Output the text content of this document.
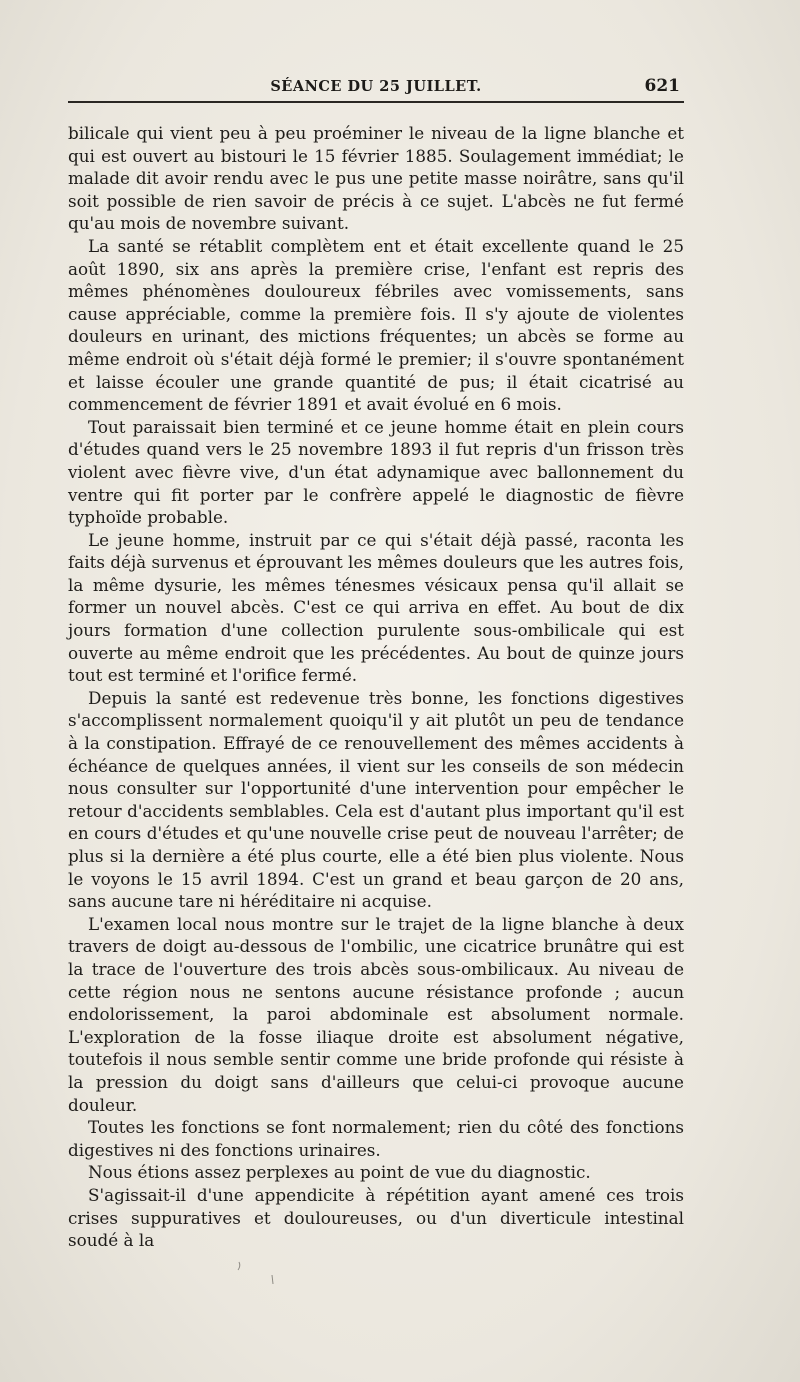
SÉANCE DU 25 JUILLET.	621

bilicale qui vient peu à peu proéminer le niveau de la ligne blanche et qui est ouvert au bistouri le 15 février 1885. Soulagement immédiat; le malade dit avoir rendu avec le pus une petite masse noirâtre, sans qu'il soit possible de rien savoir de précis à ce sujet. L'abcès ne fut fermé qu'au mois de novembre suivant.

La santé se rétablit complètem ent et était excellente quand le 25 août 1890, six ans après la première crise, l'enfant est repris des mêmes phénomènes douloureux fébriles avec vomissements, sans cause appréciable, comme la première fois. Il s'y ajoute de violentes douleurs en urinant, des mictions fréquentes; un abcès se forme au même endroit où s'était déjà formé le premier; il s'ouvre spontanément et laisse écouler une grande quantité de pus; il était cicatrisé au commencement de février 1891 et avait évolué en 6 mois.

Tout paraissait bien terminé et ce jeune homme était en plein cours d'études quand vers le 25 novembre 1893 il fut repris d'un frisson très violent avec fièvre vive, d'un état adynamique avec ballonnement du ventre qui fit porter par le confrère appelé le diagnostic de fièvre typhoïde probable.

Le jeune homme, instruit par ce qui s'était déjà passé, raconta les faits déjà survenus et éprouvant les mêmes douleurs que les autres fois, la même dysurie, les mêmes ténesmes vésicaux pensa qu'il allait se former un nouvel abcès. C'est ce qui arriva en effet. Au bout de dix jours formation d'une collection purulente sous-ombilicale qui est ouverte au même endroit que les précédentes. Au bout de quinze jours tout est terminé et l'orifice fermé.

Depuis la santé est redevenue très bonne, les fonctions digestives s'accomplissent normalement quoiqu'il y ait plutôt un peu de tendance à la constipation. Effrayé de ce renouvellement des mêmes accidents à échéance de quelques années, il vient sur les conseils de son médecin nous consulter sur l'opportunité d'une intervention pour empêcher le retour d'accidents semblables. Cela est d'autant plus important qu'il est en cours d'études et qu'une nouvelle crise peut de nouveau l'arrêter; de plus si la dernière a été plus courte, elle a été bien plus violente. Nous le voyons le 15 avril 1894. C'est un grand et beau garçon de 20 ans, sans aucune tare ni héréditaire ni acquise.

L'examen local nous montre sur le trajet de la ligne blanche à deux travers de doigt au-dessous de l'ombilic, une cicatrice brunâtre qui est la trace de l'ouverture des trois abcès sous-ombilicaux. Au niveau de cette région nous ne sentons aucune résistance profonde ; aucun endolorissement, la paroi abdominale est absolument normale. L'exploration de la fosse iliaque droite est absolument négative, toutefois il nous semble sentir comme une bride profonde qui résiste à la pression du doigt sans d'ailleurs que celui-ci provoque aucune douleur.

Toutes les fonctions se font normalement; rien du côté des fonctions digestives ni des fonctions urinaires.

Nous étions assez perplexes au point de vue du diagnostic.

S'agissait-il d'une appendicite à répétition ayant amené ces trois crises suppuratives et douloureuses, ou d'un diverticule intestinal soudé à la
